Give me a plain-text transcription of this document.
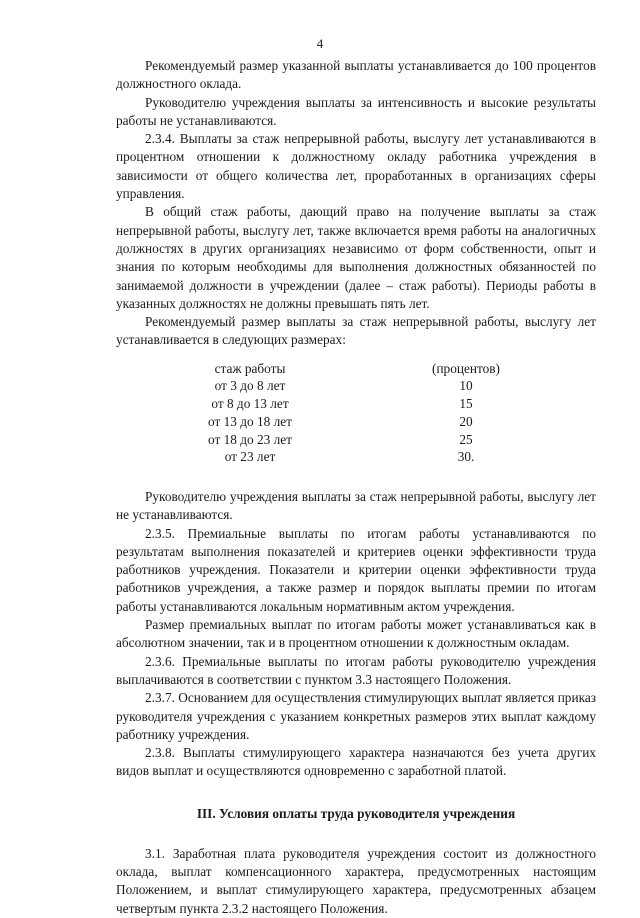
4

Рекомендуемый размер указанной выплаты устанавливается до 100 процентов должностного оклада.

Руководителю учреждения выплаты за интенсивность и высокие результаты работы не устанавливаются.

2.3.4. Выплаты за стаж непрерывной работы, выслугу лет устанавливаются в процентном отношении к должностному окладу работника учреждения в зависимости от общего количества лет, проработанных в организациях сферы управления.

В общий стаж работы, дающий право на получение выплаты за стаж непрерывной работы, выслугу лет, также включается время работы на аналогичных должностях в других организациях независимо от форм собственности, опыт и знания по которым необходимы для выполнения должностных обязанностей по занимаемой должности в учреждении (далее – стаж работы). Периоды работы в указанных должностях не должны превышать пять лет.

Рекомендуемый размер выплаты за стаж непрерывной работы, выслугу лет устанавливается в следующих размерах:

стаж работы	(процентов)
от 3 до 8 лет	10
от 8 до 13 лет	15
от 13 до 18 лет	20
от 18 до 23 лет	25
от 23 лет	30.

Руководителю учреждения выплаты за стаж непрерывной работы, выслугу лет не устанавливаются.

2.3.5. Премиальные выплаты по итогам работы устанавливаются по результатам выполнения показателей и критериев оценки эффективности труда работников учреждения. Показатели и критерии оценки эффективности труда работников учреждения, а также размер и порядок выплаты премии по итогам работы устанавливаются локальным нормативным актом учреждения.

Размер премиальных выплат по итогам работы может устанавливаться как в абсолютном значении, так и в процентном отношении к должностным окладам.

2.3.6. Премиальные выплаты по итогам работы руководителю учреждения выплачиваются в соответствии с пунктом 3.3 настоящего Положения.

2.3.7. Основанием для осуществления стимулирующих выплат является приказ руководителя учреждения с указанием конкретных размеров этих выплат каждому работнику учреждения.

2.3.8. Выплаты стимулирующего характера назначаются без учета других видов выплат и осуществляются одновременно с заработной платой.

III. Условия оплаты труда руководителя учреждения

3.1. Заработная плата руководителя учреждения состоит из должностного оклада, выплат компенсационного характера, предусмотренных настоящим Положением, и выплат стимулирующего характера, предусмотренных абзацем четвертым пункта 2.3.2 настоящего Положения.
